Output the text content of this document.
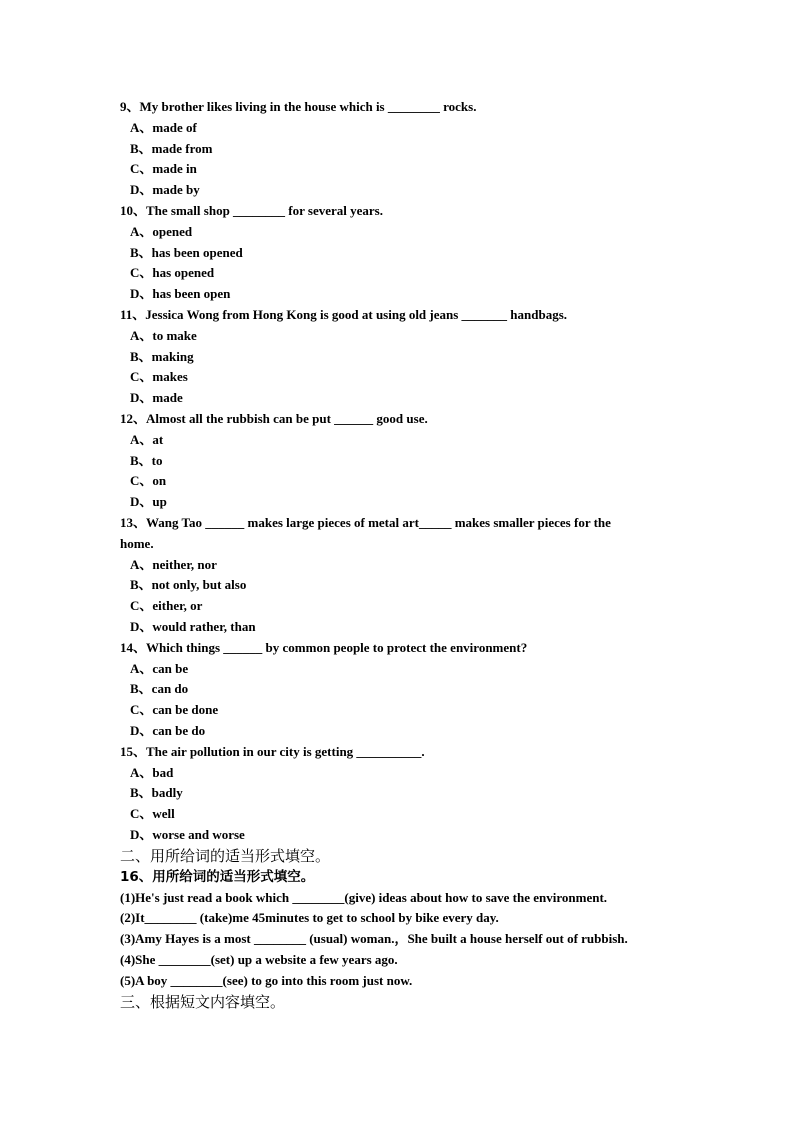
9、My brother likes living in the house which is ________ rocks.
A、made of
B、made from
C、made in
D、made by
10、The small shop ________ for several years.
A、opened
B、has been opened
C、has opened
D、has been open
11、Jessica Wong from Hong Kong is good at using old jeans _______ handbags.
A、to make
B、making
C、makes
D、made
12、Almost all the rubbish can be put ______ good use.
A、at
B、to
C、on
D、up
13、Wang Tao ______ makes large pieces of metal art_____ makes smaller pieces for the
home.
A、neither, nor
B、not only, but also
C、either, or
D、would rather, than
14、Which things ______ by common people to protect the environment?
A、can be
B、can do
C、can be done
D、can be do
15、The air pollution in our city is getting __________.
A、bad
B、badly
C、well
D、worse and worse
二、用所给词的适当形式填空。
16、用所给词的适当形式填空。
(1)He's just read a book which ________(give) ideas about how to save the environment.
(2)It________ (take)me 45minutes to get to school by bike every day.
(3)Amy Hayes is a most ________ (usual) woman.，She built a house herself out of rubbish.
(4)She ________(set) up a website a few years ago.
(5)A boy ________(see) to go into this room just now.
三、根据短文内容填空。
